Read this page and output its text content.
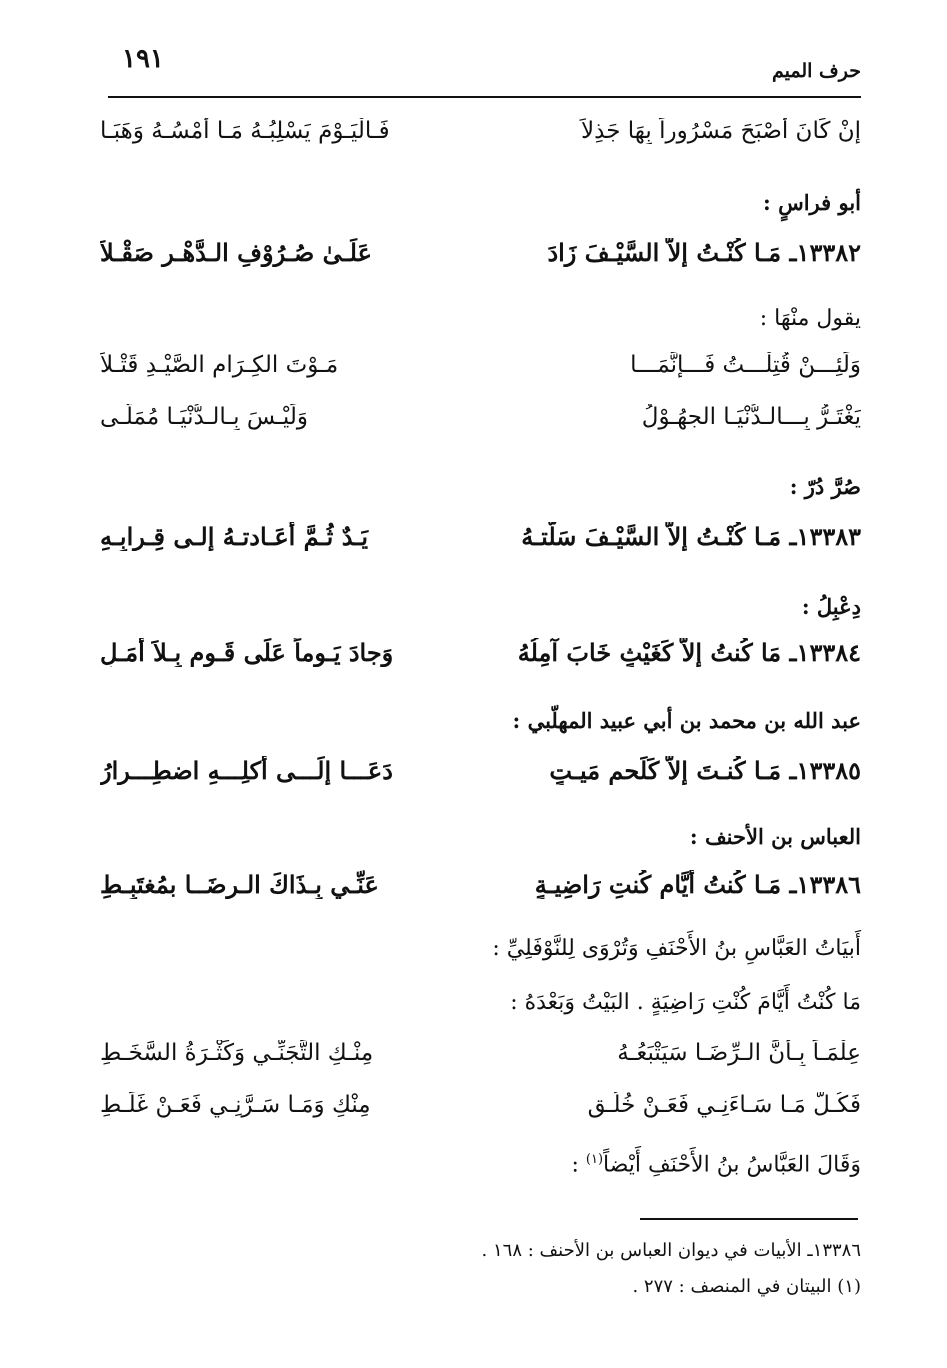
١٩١	حرف الميم
إنْ كَانَ أَصْبَحَ مَسْرُوراً بِهَا جَذِلاً
فَـالْيَـوْمَ يَسْلِبُـهُ مَـا أَمْسُـهُ وَهَبَـا
أبو فراسٍ :
١٣٣٨٢ـ مَـا كُنْـتُ إلاَّ السَّيْـفَ زَادَ
عَلَـىٰ صُـرُوْفِ الـدَّهْـرِ صَقْـلاَ
يقول منْهَا :
وَلَئِـــنْ قُتِلْـــتُ فَـــإِنَّمَـــا
مَـوْتَ الكِـرَامِ الصَّيْـدِ قَتْـلاَ
يَغْتَـرُّ بِـــالـدُّنْيَـا الجهُـوْلُ
وَلَيْـسَ بِـالـدُّنْيَـا مُمَلَّـى
صُرَّ دُرّ :
١٣٣٨٣ـ مَـا كُنْـتُ إلاَّ السَّيْـفَ سَلَّتـهُ
يَـدٌ ثُـمَّ أَعَـادتـهُ إلـى قِـرابِـهِ
دِعْبِلُ :
١٣٣٨٤ـ مَا كُنتُ إلاَّ كَغَيْثٍ خَابَ آمِلُهُ
وَجادَ يَـوماً عَلَى قَـومٍ بِـلاَ أَمَـلِ
عبد الله بن محمد بن أبي عبيد المهلّبي :
١٣٣٨٥ـ مَـا كُنـتَ إلاَّ كَلَحمِ مَيـتٍ
دَعَـــا إلَـــى أَكلِـــهِ اضطِـــرارُ
العباس بن الأحنف :
١٣٣٨٦ـ مَـا كُنتُ أَيَّام كُنتِ رَاضِيـةٍ
عَنِّـي بِـذَاكَ الـرِضَــا بمُغتَبِـطِ
أَبيَاتُ العَبَّاسِ بنُ الأَحْنَفِ وَتُرْوَى لِلنَّوْفَلِيِّ :
مَا كُنْتُ أَيَّامَ كُنْتِ رَاضِيَةٍ . البَيْتُ وَبَعْدَهُ :
عِلْمَـاً بِـأَنَّ الـرِّضَـا سَيَتْبَعُـهُ
مِنْـكِ التَّجَنِّـي وَكَثْـرَةُ السَّخَـطِ
فَكُـلُّ مَـا سَـاءَنِـي فَعَـنْ خُلُـقٍ
مِنْكِ وَمَـا سَـرَّنِـي فَعَـنْ غَلَـطِ
وَقَالَ العَبَّاسُ بنُ الأَحْنَفِ أَيْضاً$^{(١)}$ :
١٣٣٨٦ـ الأبيات في ديوان العباس بن الأحنف : ١٦٨ .
(١) البيتان في المنصف : ٢٧٧ .
